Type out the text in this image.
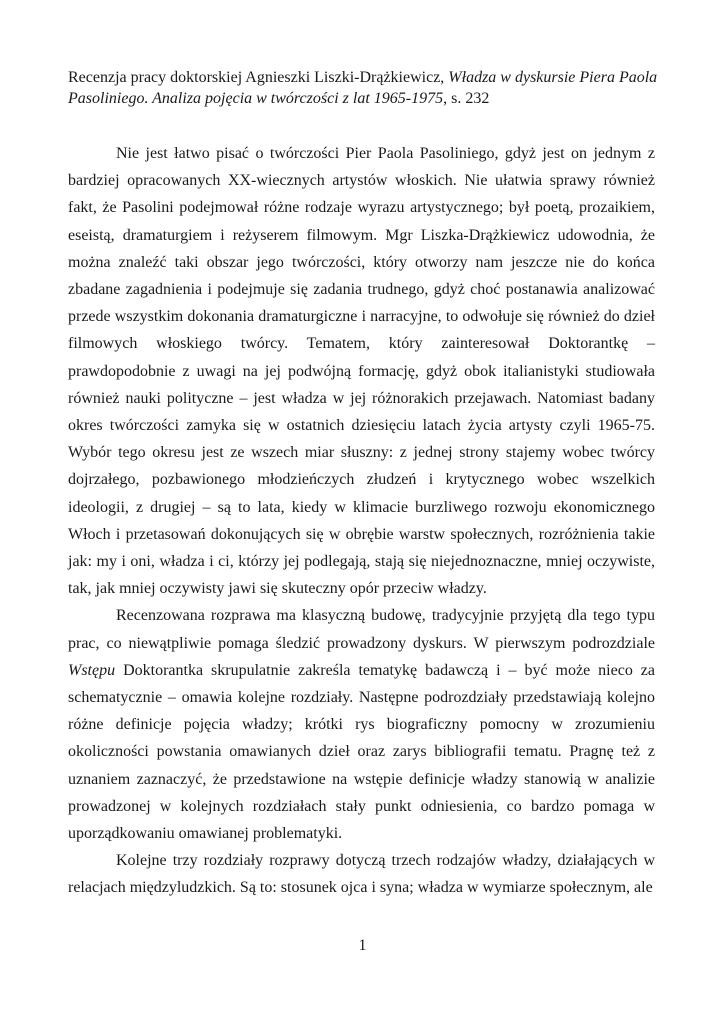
Recenzja pracy doktorskiej Agnieszki Liszki-Drążkiewicz, Władza w dyskursie Piera Paola Pasoliniego. Analiza pojęcia w twórczości z lat 1965-1975, s. 232

Nie jest łatwo pisać o twórczości Pier Paola Pasoliniego, gdyż jest on jednym z bardziej opracowanych XX-wiecznych artystów włoskich. Nie ułatwia sprawy również fakt, że Pasolini podejmował różne rodzaje wyrazu artystycznego; był poetą, prozaikiem, eseistą, dramaturgiem i reżyserem filmowym. Mgr Liszka-Drążkiewicz udowodnia, że można znaleźć taki obszar jego twórczości, który otworzy nam jeszcze nie do końca zbadane zagadnienia i podejmuje się zadania trudnego, gdyż choć postanawia analizować przede wszystkim dokonania dramaturgiczne i narracyjne, to odwołuje się również do dzieł filmowych włoskiego twórcy. Tematem, który zainteresował Doktorantkę – prawdopodobnie z uwagi na jej podwójną formację, gdyż obok italianistyki studiowała również nauki polityczne – jest władza w jej różnorakich przejawach. Natomiast badany okres twórczości zamyka się w ostatnich dziesięciu latach życia artysty czyli 1965-75. Wybór tego okresu jest ze wszech miar słuszny: z jednej strony stajemy wobec twórcy dojrzałego, pozbawionego młodzieńczych złudzeń i krytycznego wobec wszelkich ideologii, z drugiej – są to lata, kiedy w klimacie burzliwego rozwoju ekonomicznego Włoch i przetasowań dokonujących się w obrębie warstw społecznych, rozróżnienia takie jak: my i oni, władza i ci, którzy jej podlegają, stają się niejednoznaczne, mniej oczywiste, tak, jak mniej oczywisty jawi się skuteczny opór przeciw władzy.

Recenzowana rozprawa ma klasyczną budowę, tradycyjnie przyjętą dla tego typu prac, co niewątpliwie pomaga śledzić prowadzony dyskurs. W pierwszym podrozdziale Wstępu Doktorantka skrupulatnie zakreśla tematykę badawczą i – być może nieco za schematycznie – omawia kolejne rozdziały. Następne podrozdziały przedstawiają kolejno różne definicje pojęcia władzy; krótki rys biograficzny pomocny w zrozumieniu okoliczności powstania omawianych dzieł oraz zarys bibliografii tematu. Pragnę też z uznaniem zaznaczyć, że przedstawione na wstępie definicje władzy stanowią w analizie prowadzonej w kolejnych rozdziałach stały punkt odniesienia, co bardzo pomaga w uporządkowaniu omawianej problematyki.

Kolejne trzy rozdziały rozprawy dotyczą trzech rodzajów władzy, działających w relacjach międzyludzkich. Są to: stosunek ojca i syna; władza w wymiarze społecznym, ale

1
